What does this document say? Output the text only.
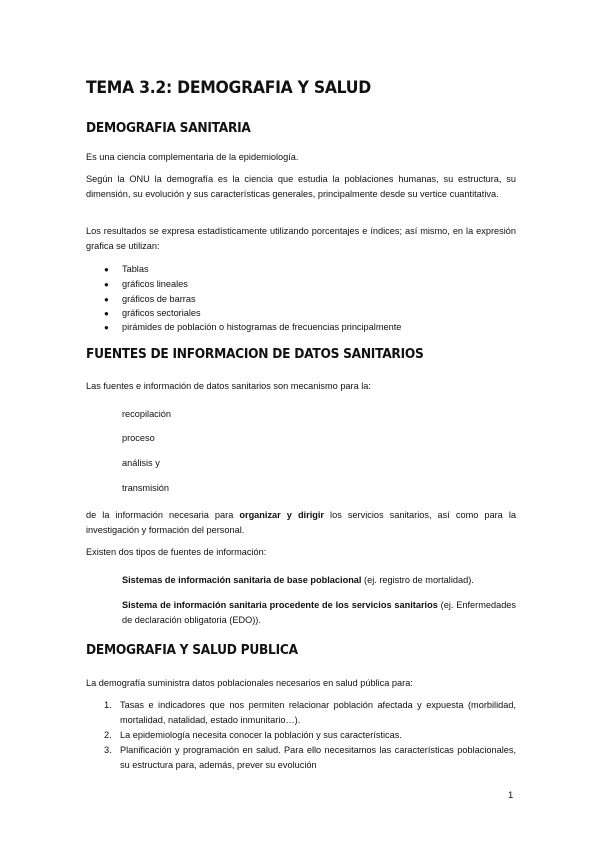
TEMA 3.2: DEMOGRAFIA Y SALUD
DEMOGRAFIA SANITARIA

Es una ciencia complementaria de la epidemiología.

Según la ONU la demografía es la ciencia que estudia la poblaciones humanas, su estructura, su dimensión, su evolución y sus características generales, principalmente desde su vertice cuantitativa.

Los resultados se expresa estadísticamente utilizando porcentajes e índices; así mismo, en la expresión grafica se utilizan:

● Tablas
● gráficos lineales
● gráficos de barras
● gráficos sectoriales
● pirámides de población o histogramas de frecuencias principalmente
FUENTES DE INFORMACION DE DATOS SANITARIOS

Las fuentes e información de datos sanitarios son mecanismo para la:

recopilación
proceso
análisis y
transmisión

de la información necesaria para organizar y dirigir los servicios sanitarios, así como para la investigación y formación del personal.

Existen dos tipos de fuentes de información:

Sistemas de información sanitaria de base poblacional (ej. registro de mortalidad).
Sistema de información sanitaria procedente de los servicios sanitarios (ej. Enfermedades de declaración obligatoria (EDO)).
DEMOGRAFIA Y SALUD PUBLICA

La demografía suministra datos poblacionales necesarios en salud pública para:

1. Tasas e indicadores que nos permiten relacionar población afectada y expuesta (morbilidad, mortalidad, natalidad, estado inmunitario…).
2. La epidemiología necesita conocer la población y sus características.
3. Planificación y programación en salud. Para ello necesitamos las características poblacionales, su estructura para, además, prever su evolución
1
